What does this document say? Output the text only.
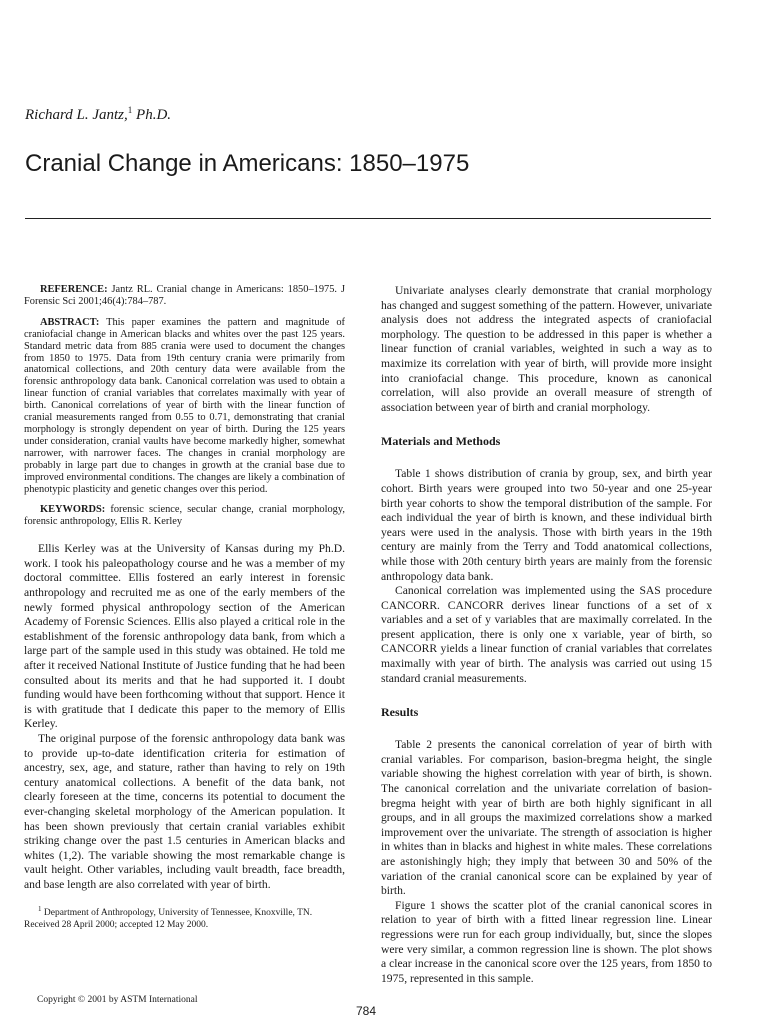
Richard L. Jantz,$^1$ Ph.D.
Cranial Change in Americans: 1850–1975

REFERENCE: Jantz RL. Cranial change in Americans: 1850–1975. J Forensic Sci 2001;46(4):784–787.

ABSTRACT: This paper examines the pattern and magnitude of craniofacial change in American blacks and whites over the past 125 years. Standard metric data from 885 crania were used to document the changes from 1850 to 1975. Data from 19th century crania were primarily from anatomical collections, and 20th century data were available from the forensic anthropology data bank. Canonical correlation was used to obtain a linear function of cranial variables that correlates maximally with year of birth. Canonical correlations of year of birth with the linear function of cranial measurements ranged from 0.55 to 0.71, demonstrating that cranial morphology is strongly dependent on year of birth. During the 125 years under consideration, cranial vaults have become markedly higher, somewhat narrower, with narrower faces. The changes in cranial morphology are probably in large part due to changes in growth at the cranial base due to improved environmental conditions. The changes are likely a combination of phenotypic plasticity and genetic changes over this period.

KEYWORDS: forensic science, secular change, cranial morphology, forensic anthropology, Ellis R. Kerley

Ellis Kerley was at the University of Kansas during my Ph.D. work. I took his paleopathology course and he was a member of my doctoral committee. Ellis fostered an early interest in forensic anthropology and recruited me as one of the early members of the newly formed physical anthropology section of the American Academy of Forensic Sciences. Ellis also played a critical role in the establishment of the forensic anthropology data bank, from which a large part of the sample used in this study was obtained. He told me after it received National Institute of Justice funding that he had been consulted about its merits and that he had supported it. I doubt funding would have been forthcoming without that support. Hence it is with gratitude that I dedicate this paper to the memory of Ellis Kerley.

The original purpose of the forensic anthropology data bank was to provide up-to-date identification criteria for estimation of ancestry, sex, age, and stature, rather than having to rely on 19th century anatomical collections. A benefit of the data bank, not clearly foreseen at the time, concerns its potential to document the ever-changing skeletal morphology of the American population. It has been shown previously that certain cranial variables exhibit striking change over the past 1.5 centuries in American blacks and whites (1,2). The variable showing the most remarkable change is vault height. Other variables, including vault breadth, face breadth, and base length are also correlated with year of birth.

$^1$ Department of Anthropology, University of Tennessee, Knoxville, TN.
Received 28 April 2000; accepted 12 May 2000.

Univariate analyses clearly demonstrate that cranial morphology has changed and suggest something of the pattern. However, univariate analysis does not address the integrated aspects of craniofacial morphology. The question to be addressed in this paper is whether a linear function of cranial variables, weighted in such a way as to maximize its correlation with year of birth, will provide more insight into craniofacial change. This procedure, known as canonical correlation, will also provide an overall measure of strength of association between year of birth and cranial morphology.

Materials and Methods

Table 1 shows distribution of crania by group, sex, and birth year cohort. Birth years were grouped into two 50-year and one 25-year birth year cohorts to show the temporal distribution of the sample. For each individual the year of birth is known, and these individual birth years were used in the analysis. Those with birth years in the 19th century are mainly from the Terry and Todd anatomical collections, while those with 20th century birth years are mainly from the forensic anthropology data bank.

Canonical correlation was implemented using the SAS procedure CANCORR. CANCORR derives linear functions of a set of x variables and a set of y variables that are maximally correlated. In the present application, there is only one x variable, year of birth, so CANCORR yields a linear function of cranial variables that correlates maximally with year of birth. The analysis was carried out using 15 standard cranial measurements.

Results

Table 2 presents the canonical correlation of year of birth with cranial variables. For comparison, basion-bregma height, the single variable showing the highest correlation with year of birth, is shown. The canonical correlation and the univariate correlation of basion-bregma height with year of birth are both highly significant in all groups, and in all groups the maximized correlations show a marked improvement over the univariate. The strength of association is higher in whites than in blacks and highest in white males. These correlations are astonishingly high; they imply that between 30 and 50% of the variation of the cranial canonical score can be explained by year of birth.

Figure 1 shows the scatter plot of the cranial canonical scores in relation to year of birth with a fitted linear regression line. Linear regressions were run for each group individually, but, since the slopes were very similar, a common regression line is shown. The plot shows a clear increase in the canonical score over the 125 years, from 1850 to 1975, represented in this sample.

Copyright © 2001 by ASTM International
784
